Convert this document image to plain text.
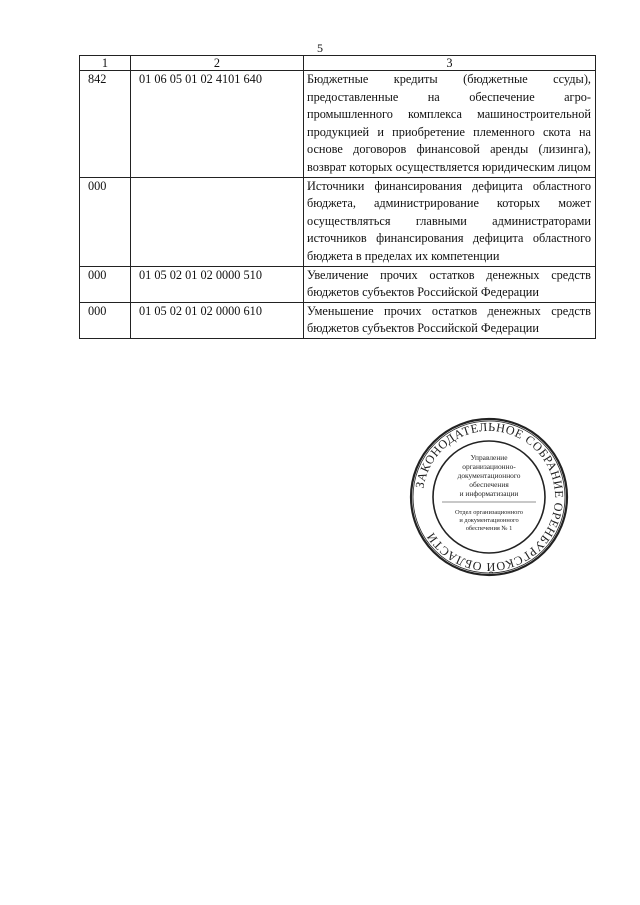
5
1	2	3
842	01 06 05 01 02 4101 640	Бюджетные кредиты (бюджетные ссуды), предоставленные на обеспечение агро-промышленного комплекса машиностроительной продукцией и приобретение племенного скота на основе договоров финансовой аренды (лизинга), возврат которых осуществляется юридическим лицом
000		Источники финансирования дефицита областного бюджета, администрирование которых может осуществляться главными администраторами источников финансирования дефицита областного бюджета в пределах их компетенции
000	01 05 02 01 02 0000 510	Увеличение прочих остатков денежных средств бюджетов субъектов Российской Федерации
000	01 05 02 01 02 0000 610	Уменьшение прочих остатков денежных средств бюджетов субъектов Российской Федерации
ЗАКОНОДАТЕЛЬНОЕ СОБРАНИЕ ОРЕНБУРГСКОЙ ОБЛАСТИ
Управление
организационно-
документационного
обеспечения
и информатизации
Отдел организационного
и документационного
обеспечения № 1
